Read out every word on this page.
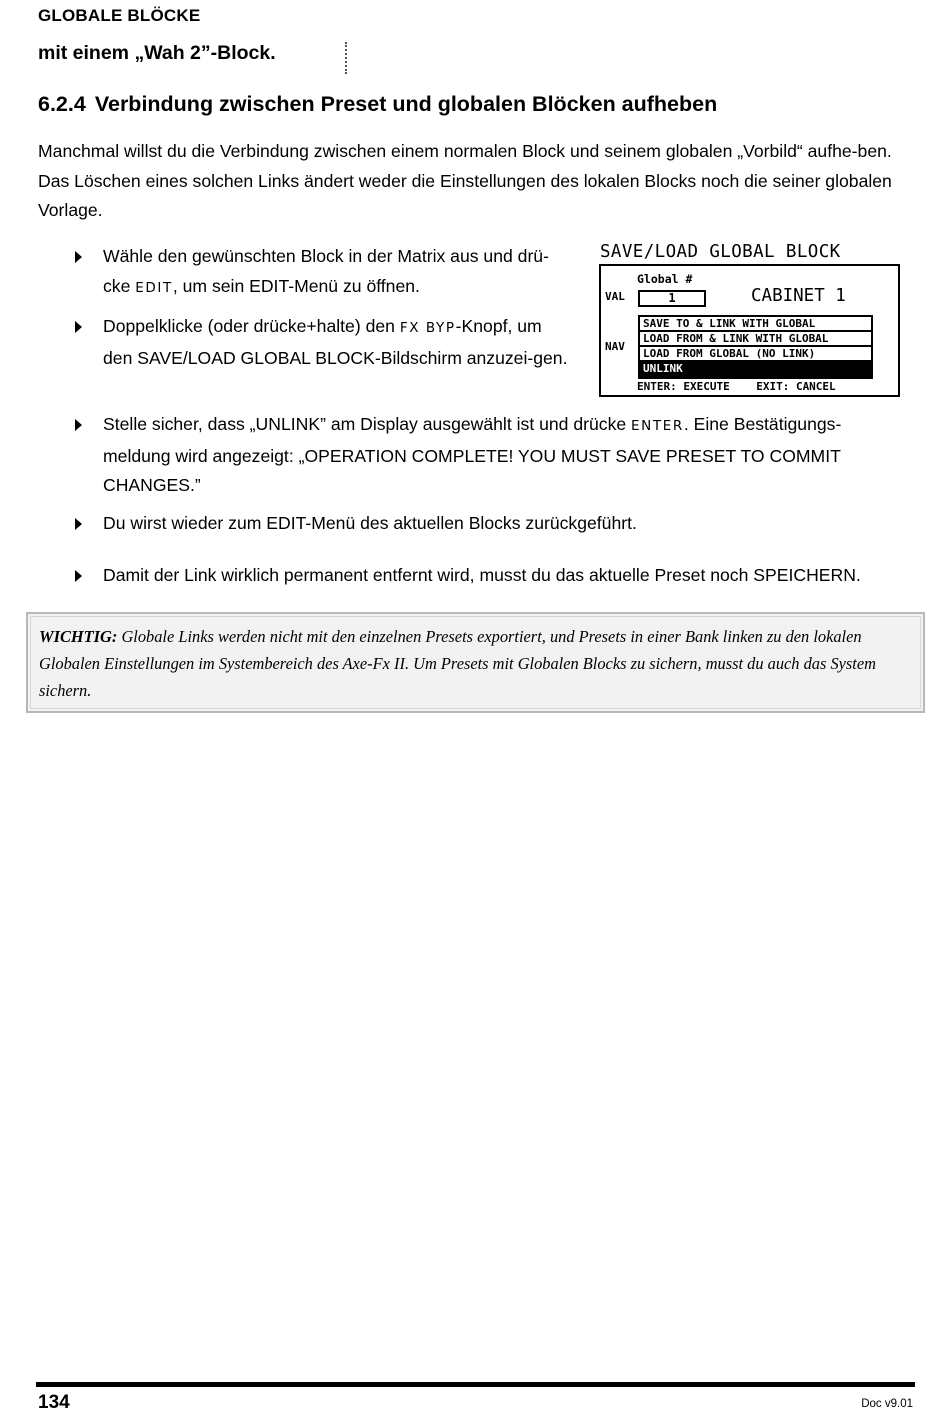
GLOBALE BLÖCKE
mit einem „Wah 2”-Block.
6.2.4 Verbindung zwischen Preset und globalen Blöcken aufheben
Manchmal willst du die Verbindung zwischen einem normalen Block und seinem globalen „Vorbild“ aufhe-ben. Das Löschen eines solchen Links ändert weder die Einstellungen des lokalen Blocks noch die seiner globalen Vorlage.
Wähle den gewünschten Block in der Matrix aus und drü-cke EDIT, um sein EDIT-Menü zu öffnen.
Doppelklicke (oder drücke+halte) den FX BYP-Knopf, um den SAVE/LOAD GLOBAL BLOCK-Bildschirm anzuzei-gen.
Stelle sicher, dass „UNLINK” am Display ausgewählt ist und drücke ENTER. Eine Bestätigungs-meldung wird angezeigt: „OPERATION COMPLETE! YOU MUST SAVE PRESET TO COMMIT CHANGES.”
Du wirst wieder zum EDIT-Menü des aktuellen Blocks zurückgeführt.
Damit der Link wirklich permanent entfernt wird, musst du das aktuelle Preset noch SPEICHERN.
SAVE/LOAD GLOBAL BLOCK
Global #
VAL
NAV
1	CABINET 1
SAVE TO & LINK WITH GLOBAL
LOAD FROM & LINK WITH GLOBAL
LOAD FROM GLOBAL (NO LINK)
UNLINK
ENTER: EXECUTE    EXIT: CANCEL
WICHTIG: Globale Links werden nicht mit den einzelnen Presets exportiert, und Presets in einer Bank linken zu den lokalen Globalen Einstellungen im Systembereich des Axe-Fx II. Um Presets mit Globalen Blocks zu sichern, musst du auch das System sichern.
134	Doc v9.01
